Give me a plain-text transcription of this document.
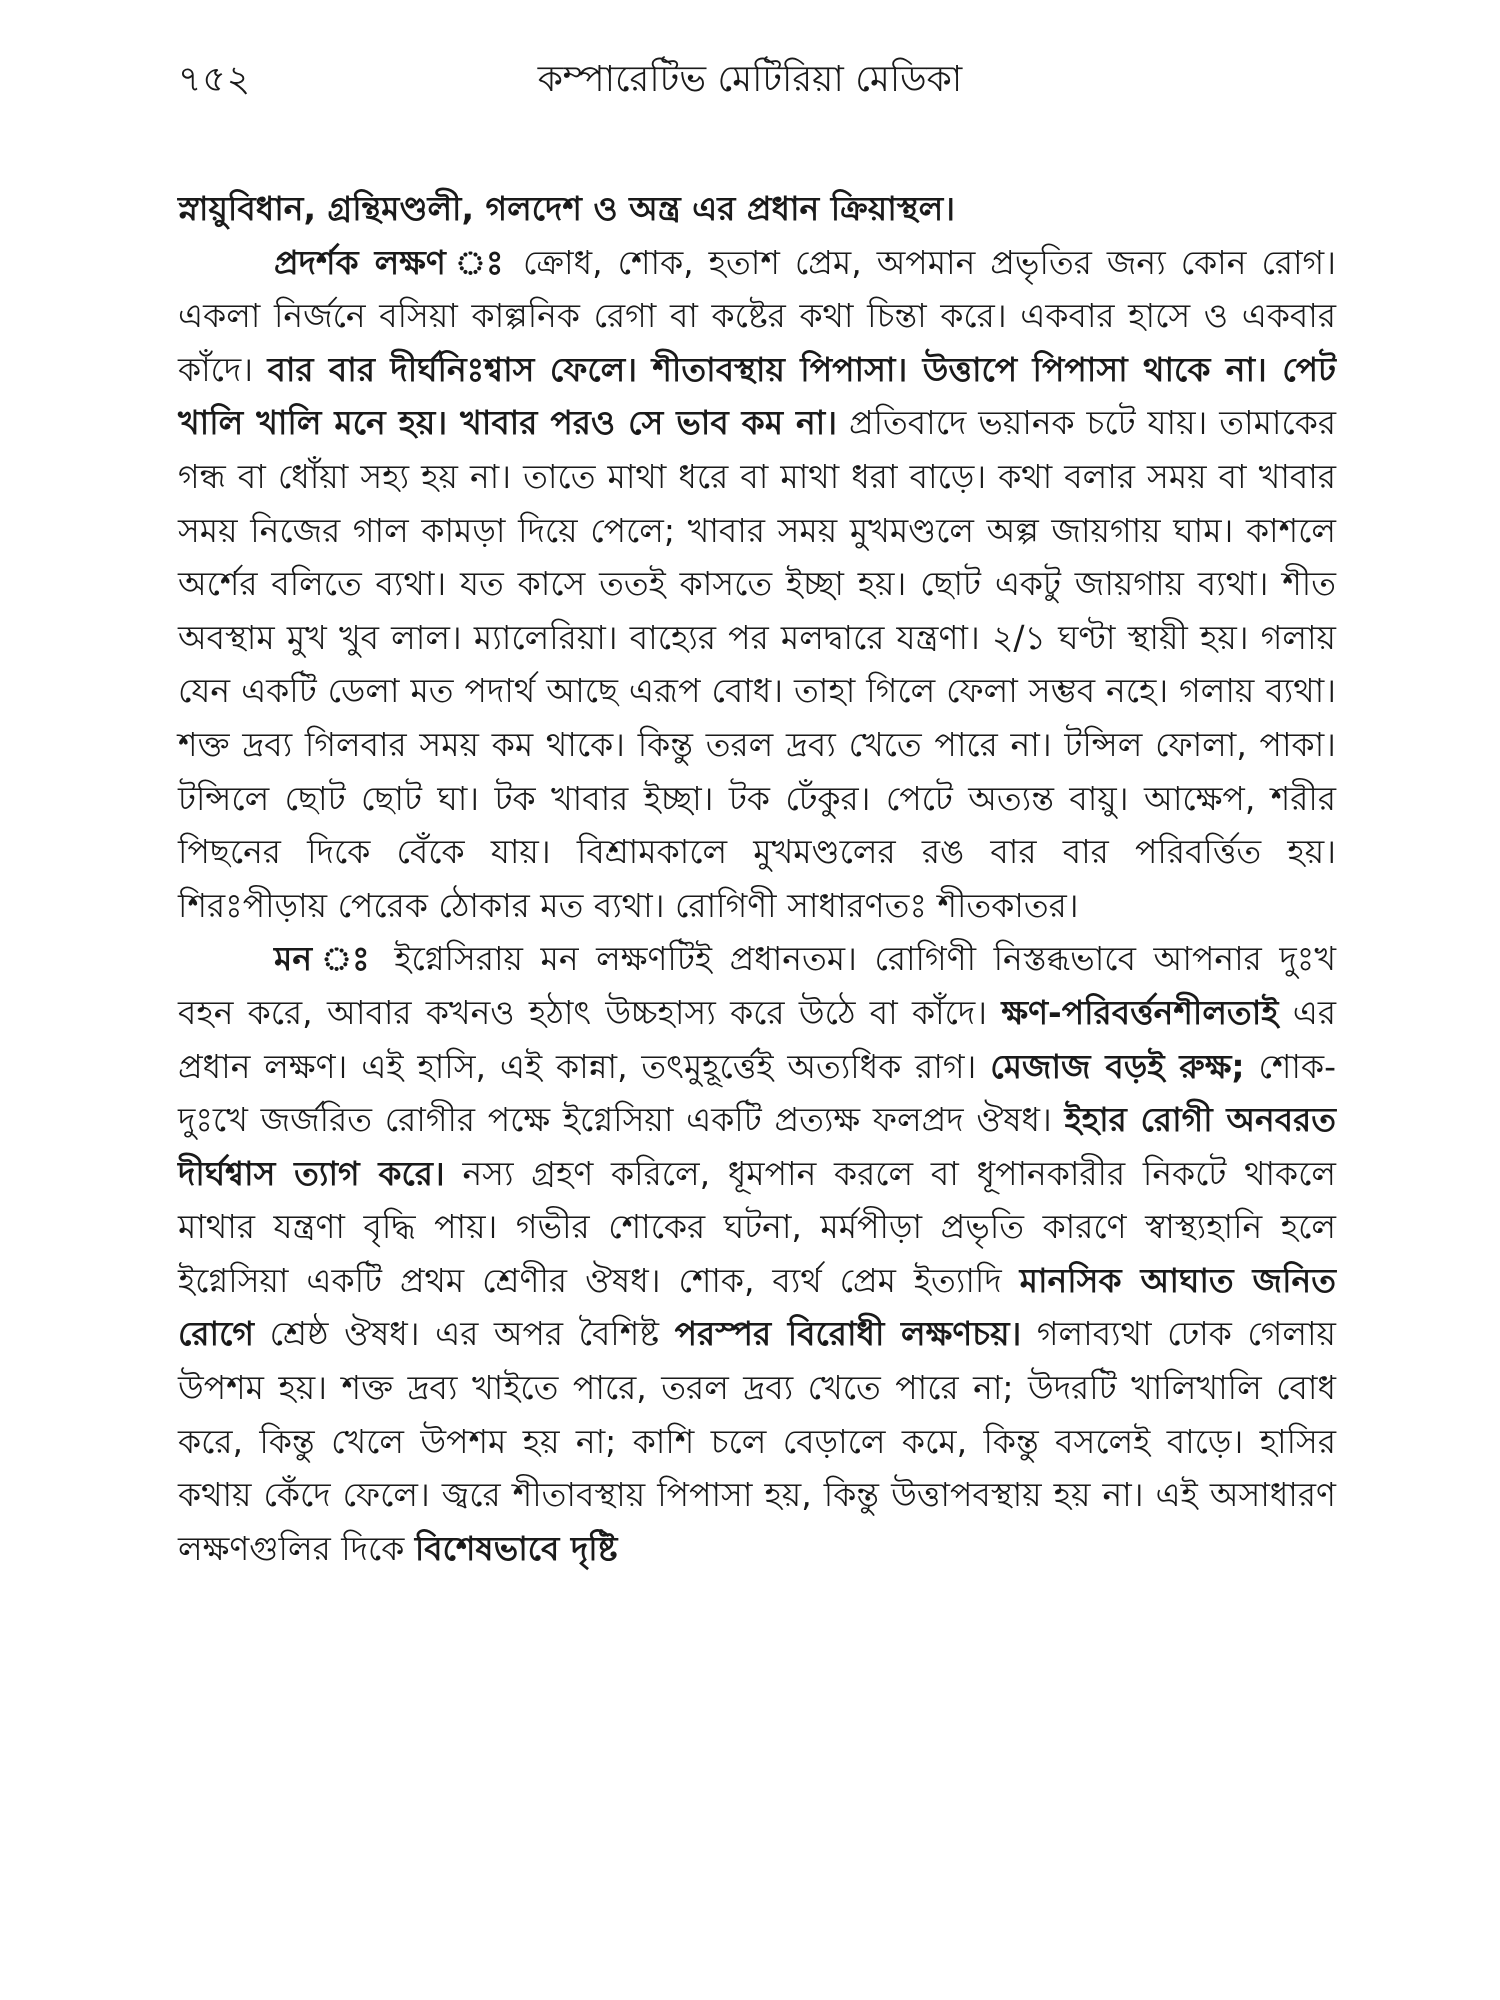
৭৫২	কম্পারেটিভ মেটিরিয়া মেডিকা

স্নায়ুবিধান, গ্রন্থিমণ্ডলী, গলদেশ ও অন্ত্র এর প্রধান ক্রিয়াস্থল।

প্রদর্শক লক্ষণ ঃ ক্রোধ, শোক, হতাশ প্রেম, অপমান প্রভৃতির জন্য কোন রোগ। একলা নির্জনে বসিয়া কাল্পনিক রেগা বা কষ্টের কথা চিন্তা করে। একবার হাসে ও একবার কাঁদে। বার বার দীর্ঘনিঃশ্বাস ফেলে। শীতাবস্থায় পিপাসা। উত্তাপে পিপাসা থাকে না। পেট খালি খালি মনে হয়। খাবার পরও সে ভাব কম না। প্রতিবাদে ভয়ানক চটে যায়। তামাকের গন্ধ বা ধোঁয়া সহ্য হয় না। তাতে মাথা ধরে বা মাথা ধরা বাড়ে। কথা বলার সময় বা খাবার সময় নিজের গাল কামড়া দিয়ে পেলে; খাবার সময় মুখমণ্ডলে অল্প জায়গায় ঘাম। কাশলে অর্শের বলিতে ব্যথা। যত কাসে ততই কাসতে ইচ্ছা হয়। ছোট একটু জায়গায় ব্যথা। শীত অবস্থাম মুখ খুব লাল। ম্যালেরিয়া। বাহ্যের পর মলদ্বারে যন্ত্রণা। ২/১ ঘণ্টা স্থায়ী হয়। গলায় যেন একটি ডেলা মত পদার্থ আছে এরূপ বোধ। তাহা গিলে ফেলা সম্ভব নহে। গলায় ব্যথা। শক্ত দ্রব্য গিলবার সময় কম থাকে। কিন্তু তরল দ্রব্য খেতে পারে না। টন্সিল ফোলা, পাকা। টন্সিলে ছোট ছোট ঘা। টক খাবার ইচ্ছা। টক ঢেঁকুর। পেটে অত্যন্ত বায়ু। আক্ষেপ, শরীর পিছনের দিকে বেঁকে যায়। বিশ্রামকালে মুখমণ্ডলের রঙ বার বার পরিবর্ত্তিত হয়। শিরঃপীড়ায় পেরেক ঠোকার মত ব্যথা। রোগিণী সাধারণতঃ শীতকাতর।

মন ঃ ইগ্নেসিরায় মন লক্ষণটিই প্রধানতম। রোগিণী নিস্তব্ধভাবে আপনার দুঃখ বহন করে, আবার কখনও হঠাৎ উচ্চহাস্য করে উঠে বা কাঁদে। ক্ষণ-পরিবর্ত্তনশীলতাই এর প্রধান লক্ষণ। এই হাসি, এই কান্না, তৎমুহূর্ত্তেই অত্যধিক রাগ। মেজাজ বড়ই রুক্ষ; শোক-দুঃখে জর্জরিত রোগীর পক্ষে ইগ্নেসিয়া একটি প্রত্যক্ষ ফলপ্রদ ঔষধ। ইহার রোগী অনবরত দীর্ঘশ্বাস ত্যাগ করে। নস্য গ্রহণ করিলে, ধূমপান করলে বা ধূপানকারীর নিকটে থাকলে মাথার যন্ত্রণা বৃদ্ধি পায়। গভীর শোকের ঘটনা, মর্মপীড়া প্রভৃতি কারণে স্বাস্থ্যহানি হলে ইগ্নেসিয়া একটি প্রথম শ্রেণীর ঔষধ। শোক, ব্যর্থ প্রেম ইত্যাদি মানসিক আঘাত জনিত রোগে শ্রেষ্ঠ ঔষধ। এর অপর বৈশিষ্ট পরস্পর বিরোধী লক্ষণচয়। গলাব্যথা ঢোক গেলায় উপশম হয়। শক্ত দ্রব্য খাইতে পারে, তরল দ্রব্য খেতে পারে না; উদরটি খালিখালি বোধ করে, কিন্তু খেলে উপশম হয় না; কাশি চলে বেড়ালে কমে, কিন্তু বসলেই বাড়ে। হাসির কথায় কেঁদে ফেলে। জ্বরে শীতাবস্থায় পিপাসা হয়, কিন্তু উত্তাপবস্থায় হয় না। এই অসাধারণ লক্ষণগুলির দিকে বিশেষভাবে দৃষ্টি
